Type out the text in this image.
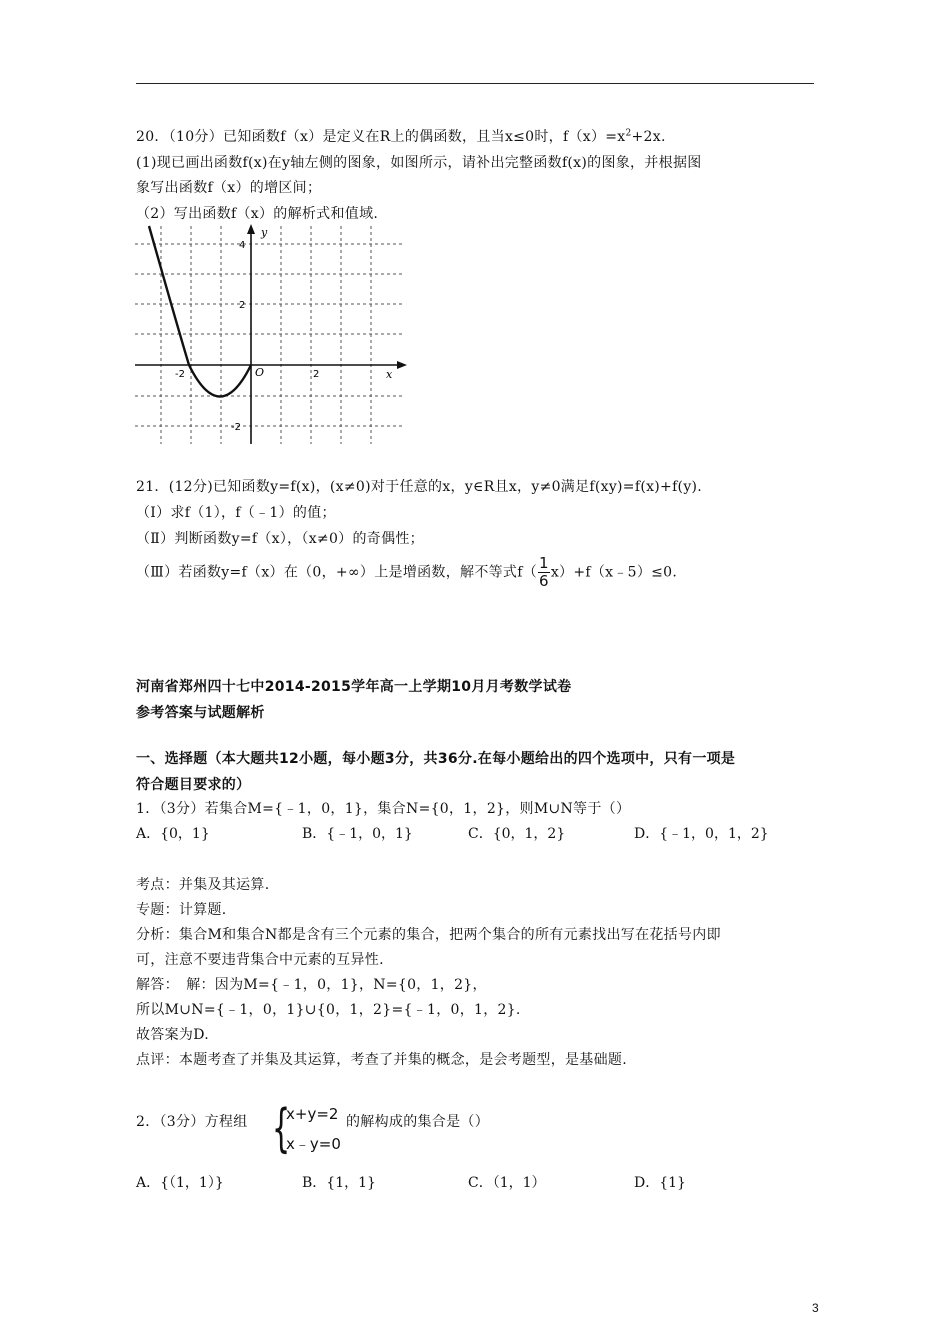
20．（10分）已知函数f（x）是定义在R上的偶函数，且当x≤0时，$f(x)=x^2+2x$.
(1)现已画出函数f(x)在y轴左侧的图象，如图所示，请补出完整函数f(x)的图象，并根据图
象写出函数f（x）的增区间；
（2）写出函数f（x）的解析式和值域.
y
x
O
4
2
-2	2
-2
21．(12分)已知函数y=f(x)，(x≠0)对于任意的x，y∈R且x，y≠0满足f(xy)=f(x)+f(y).
（Ⅰ）求f（1），f（﹣1）的值；
（Ⅱ）判断函数y=f（x），（x≠0）的奇偶性；
（Ⅲ）若函数y=f（x）在（0，+∞）上是增函数，解不等式$f( \frac{1}{6}$ x）+f（x﹣5）≤0.
河南省郑州四十七中2014-2015学年高一上学期10月月考数学试卷
参考答案与试题解析
一、选择题（本大题共12小题，每小题3分，共36分.在每小题给出的四个选项中，只有一项是
符合题目要求的）
1．（3分）若集合M={﹣1，0，1}，集合N={0，1，2}，则M∪N等于（）
A．{0，1}	B．{﹣1，0，1}	C．{0，1，2}	D．{﹣1，0，1，2}
考点：并集及其运算.
专题：计算题.
分析：集合M和集合N都是含有三个元素的集合，把两个集合的所有元素找出写在花括号内即
可，注意不要违背集合中元素的互异性.
解答：　解：因为M={﹣1，0，1}，N={0，1，2}，
所以M∪N={﹣1，0，1}∪{0，1，2}={﹣1，0，1，2}.
故答案为D.
点评：本题考查了并集及其运算，考查了并集的概念，是会考题型，是基础题.
2．（3分）方程组 {
x+y=2
x﹣y=0
的解构成的集合是（）
A．{（1，1）}	B．{1，1}	C．（1，1）	D．{1}
3
